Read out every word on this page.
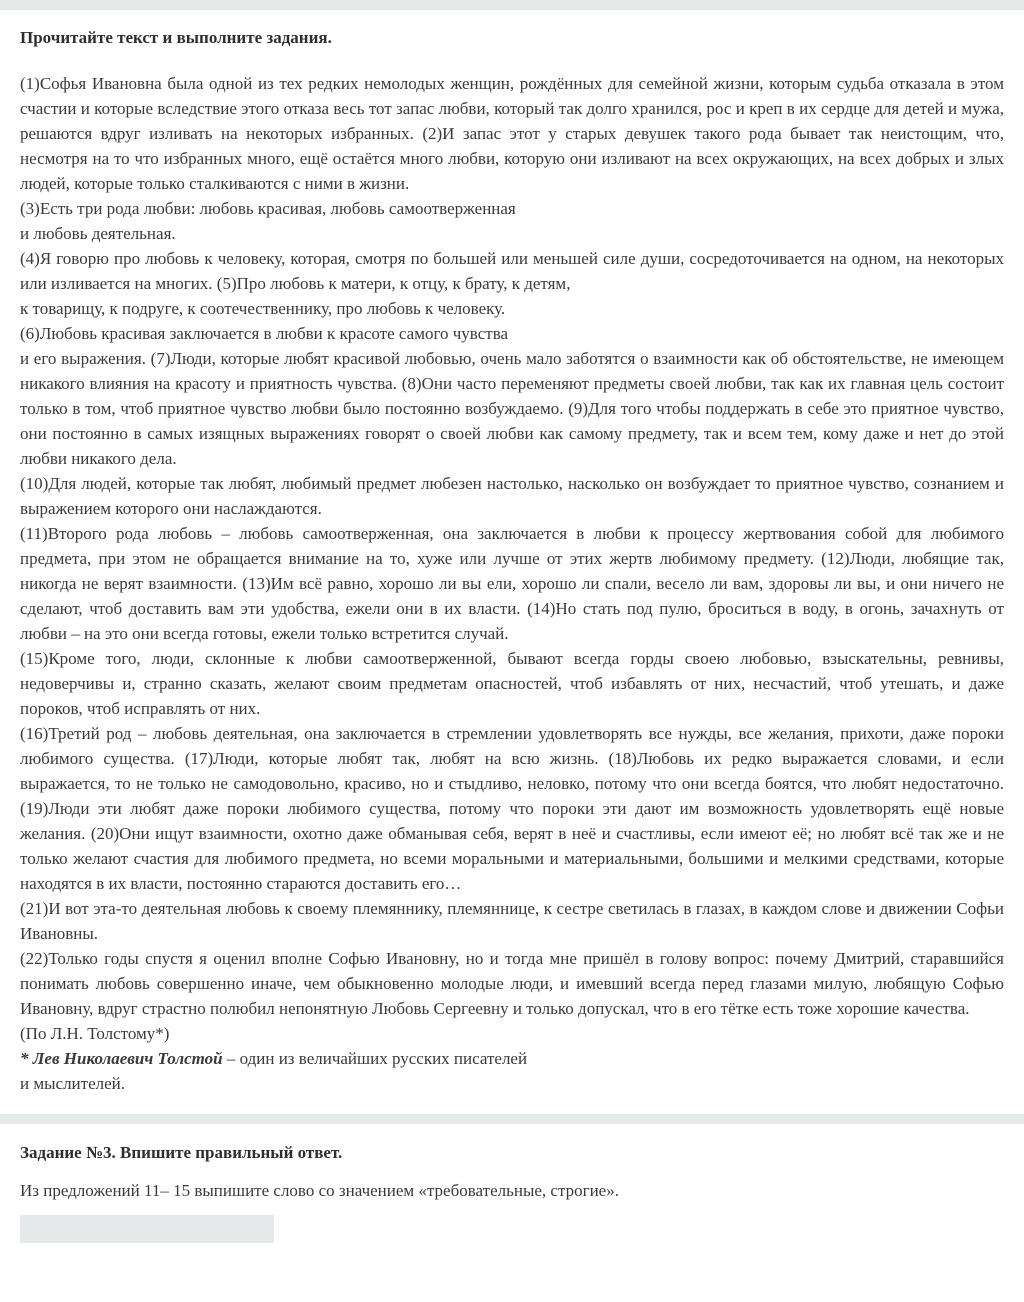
Прочитайте текст и выполните задания.

(1)Софья Ивановна была одной из тех редких немолодых женщин, рождённых для семейной жизни, которым судьба отказала в этом счастии и которые вследствие этого отказа весь тот запас любви, который так долго хранился, рос и креп в их сердце для детей и мужа, решаются вдруг изливать на некоторых избранных. (2)И запас этот у старых девушек такого рода бывает так неистощим, что, несмотря на то что избранных много, ещё остаётся много любви, которую они изливают на всех окружающих, на всех добрых и злых людей, которые только сталкиваются с ними в жизни.
(3)Есть три рода любви: любовь красивая, любовь самоотверженная
и любовь деятельная.
(4)Я говорю про любовь к человеку, которая, смотря по большей или меньшей силе души, сосредоточивается на одном, на некоторых или изливается на многих. (5)Про любовь к матери, к отцу, к брату, к детям,
к товарищу, к подруге, к соотечественнику, про любовь к человеку.
(6)Любовь красивая заключается в любви к красоте самого чувства
и его выражения. (7)Люди, которые любят красивой любовью, очень мало заботятся о взаимности как об обстоятельстве, не имеющем никакого влияния на красоту и приятность чувства. (8)Они часто переменяют предметы своей любви, так как их главная цель состоит только в том, чтоб приятное чувство любви было постоянно возбуждаемо. (9)Для того чтобы поддержать в себе это приятное чувство, они постоянно в самых изящных выражениях говорят о своей любви как самому предмету, так и всем тем, кому даже и нет до этой любви никакого дела.
(10)Для людей, которые так любят, любимый предмет любезен настолько, насколько он возбуждает то приятное чувство, сознанием и выражением которого они наслаждаются.
(11)Второго рода любовь – любовь самоотверженная, она заключается в любви к процессу жертвования собой для любимого предмета, при этом не обращается внимание на то, хуже или лучше от этих жертв любимому предмету. (12)Люди, любящие так, никогда не верят взаимности. (13)Им всё равно, хорошо ли вы ели, хорошо ли спали, весело ли вам, здоровы ли вы, и они ничего не сделают, чтоб доставить вам эти удобства, ежели они в их власти. (14)Но стать под пулю, броситься в воду, в огонь, зачахнуть от любви – на это они всегда готовы, ежели только встретится случай.
(15)Кроме того, люди, склонные к любви самоотверженной, бывают всегда горды своею любовью, взыскательны, ревнивы, недоверчивы и, странно сказать, желают своим предметам опасностей, чтоб избавлять от них, несчастий, чтоб утешать, и даже пороков, чтоб исправлять от них.
(16)Третий род – любовь деятельная, она заключается в стремлении удовлетворять все нужды, все желания, прихоти, даже пороки любимого существа. (17)Люди, которые любят так, любят на всю жизнь. (18)Любовь их редко выражается словами, и если выражается, то не только не самодовольно, красиво, но и стыдливо, неловко, потому что они всегда боятся, что любят недостаточно. (19)Люди эти любят даже пороки любимого существа, потому что пороки эти дают им возможность удовлетворять ещё новые желания. (20)Они ищут взаимности, охотно даже обманывая себя, верят в неё и счастливы, если имеют её; но любят всё так же и не только желают счастия для любимого предмета, но всеми моральными и материальными, большими и мелкими средствами, которые находятся в их власти, постоянно стараются доставить его…
(21)И вот эта-то деятельная любовь к своему племяннику, племяннице, к сестре светилась в глазах, в каждом слове и движении Софьи Ивановны.
(22)Только годы спустя я оценил вполне Софью Ивановну, но и тогда мне пришёл в голову вопрос: почему Дмитрий, старавшийся понимать любовь совершенно иначе, чем обыкновенно молодые люди, и имевший всегда перед глазами милую, любящую Софью Ивановну, вдруг страстно полюбил непонятную Любовь Сергеевну и только допускал, что в его тётке есть тоже хорошие качества.
(По Л.Н. Толстому*)
* Лев Николаевич Толстой – один из величайших русских писателей
и мыслителей.

Задание №3. Впишите правильный ответ.

Из предложений 11– 15 выпишите слово со значением «требовательные, строгие».
